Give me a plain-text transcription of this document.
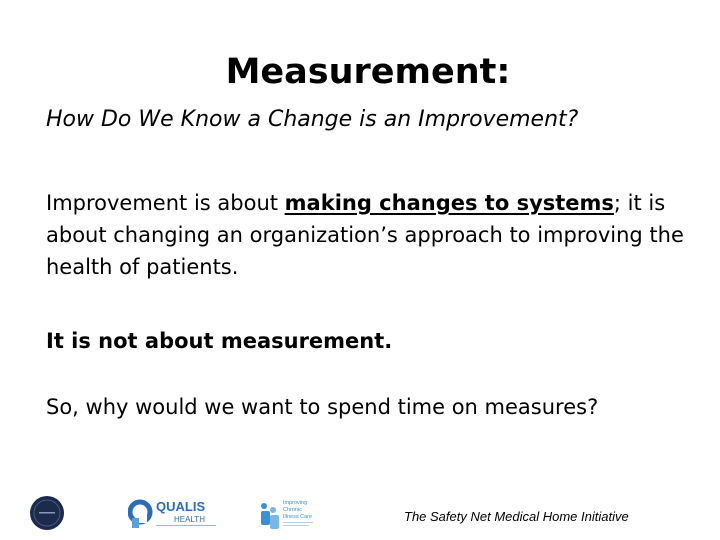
Measurement:
How Do We Know a Change is an Improvement?
Improvement is about making changes to systems; it is about changing an organization’s approach to improving the health of patients.
It is not about measurement.
So, why would we want to spend time on measures?
QUALIS
HEALTH
Improving
Chronic
Illness Care	The Safety Net Medical Home Initiative
